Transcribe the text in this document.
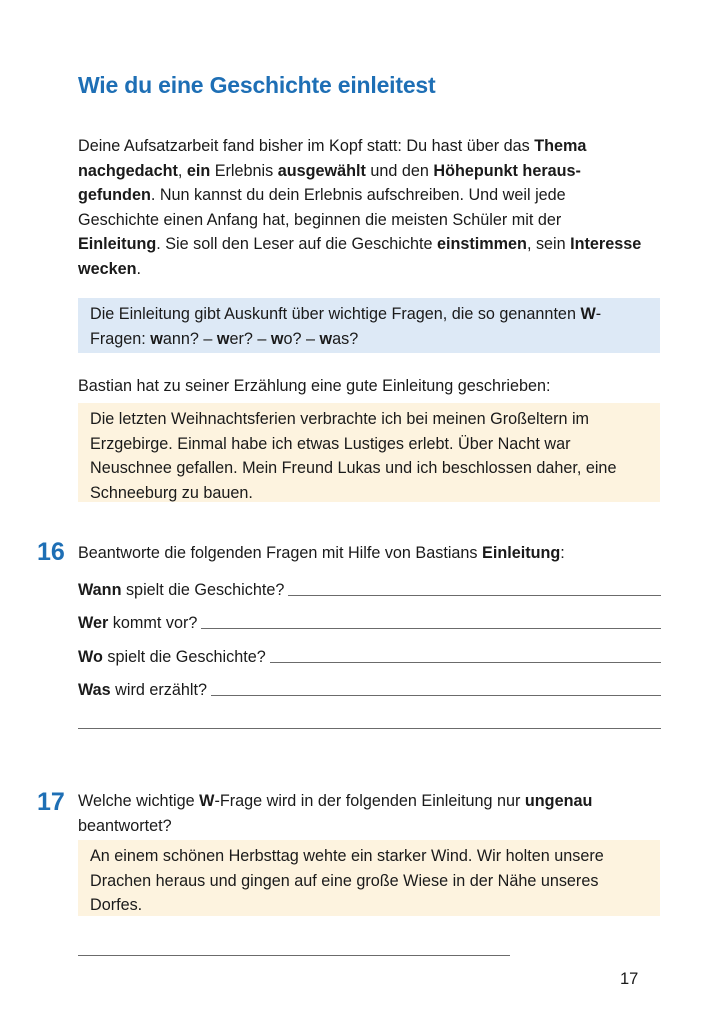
Wie du eine Geschichte einleitest

Deine Aufsatzarbeit fand bisher im Kopf statt: Du hast über das Thema nachgedacht, ein Erlebnis ausgewählt und den Höhepunkt herausgefunden. Nun kannst du dein Erlebnis aufschreiben. Und weil jede Geschichte einen Anfang hat, beginnen die meisten Schüler mit der Einleitung. Sie soll den Leser auf die Geschichte einstimmen, sein Interesse wecken.

Die Einleitung gibt Auskunft über wichtige Fragen, die so genannten W-Fragen: wann? – wer? – wo? – was?

Bastian hat zu seiner Erzählung eine gute Einleitung geschrieben:

Die letzten Weihnachtsferien verbrachte ich bei meinen Großeltern im Erzgebirge. Einmal habe ich etwas Lustiges erlebt. Über Nacht war Neuschnee gefallen. Mein Freund Lukas und ich beschlossen daher, eine Schneeburg zu bauen.
16 Beantworte die folgenden Fragen mit Hilfe von Bastians Einleitung:

Wann spielt die Geschichte?
Wer kommt vor?
Wo spielt die Geschichte?
Was wird erzählt?
17 Welche wichtige W-Frage wird in der folgenden Einleitung nur ungenau beantwortet?

An einem schönen Herbsttag wehte ein starker Wind. Wir holten unsere Drachen heraus und gingen auf eine große Wiese in der Nähe unseres Dorfes.
17
